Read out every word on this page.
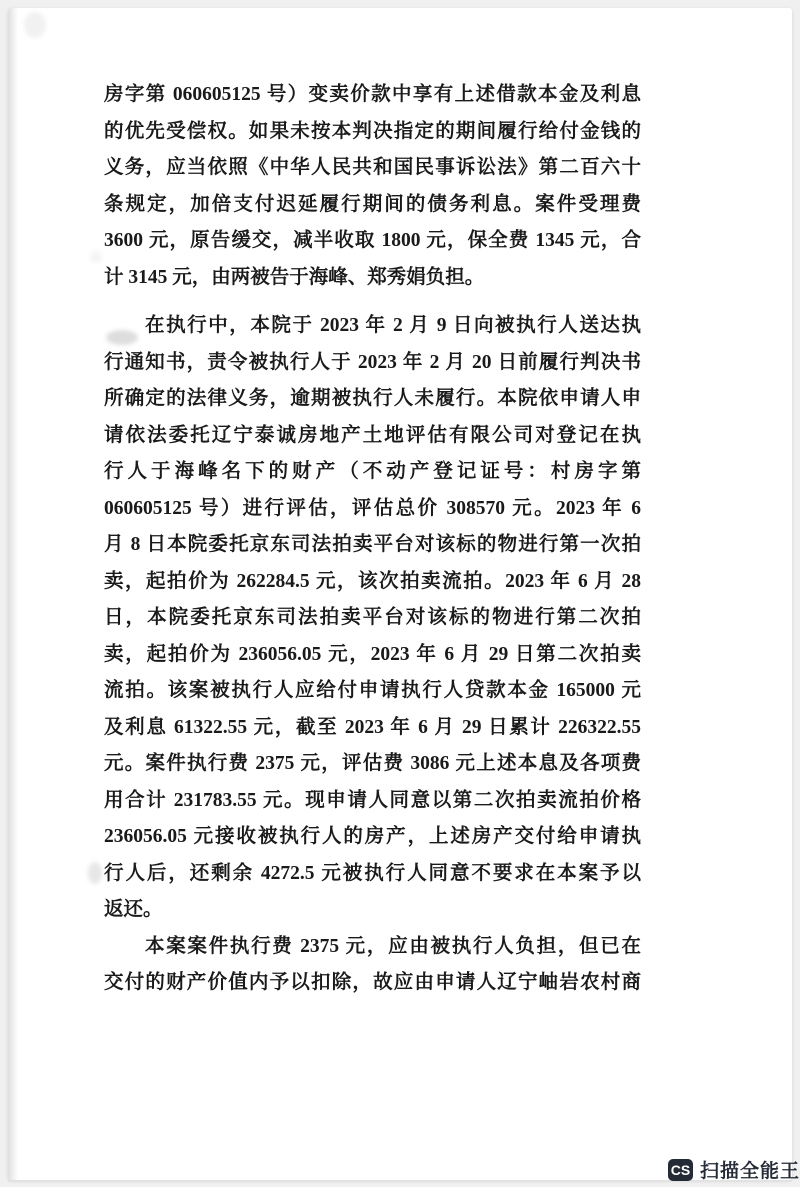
房字第 060605125 号）变卖价款中享有上述借款本金及利息
的优先受偿权。如果未按本判决指定的期间履行给付金钱的
义务，应当依照《中华人民共和国民事诉讼法》第二百六十
条规定，加倍支付迟延履行期间的债务利息。案件受理费
3600 元，原告缓交，减半收取 1800 元，保全费 1345 元，合
计 3145 元，由两被告于海峰、郑秀娟负担。
在执行中，本院于 2023 年 2 月 9 日向被执行人送达执
行通知书，责令被执行人于 2023 年 2 月 20 日前履行判决书
所确定的法律义务，逾期被执行人未履行。本院依申请人申
请依法委托辽宁泰诚房地产土地评估有限公司对登记在执
行人于海峰名下的财产（不动产登记证号：村房字第
060605125 号）进行评估，评估总价 308570 元。2023 年 6
月 8 日本院委托京东司法拍卖平台对该标的物进行第一次拍
卖，起拍价为 262284.5 元，该次拍卖流拍。2023 年 6 月 28
日，本院委托京东司法拍卖平台对该标的物进行第二次拍
卖，起拍价为 236056.05 元，2023 年 6 月 29 日第二次拍卖
流拍。该案被执行人应给付申请执行人贷款本金 165000 元
及利息 61322.55 元，截至 2023 年 6 月 29 日累计 226322.55
元。案件执行费 2375 元，评估费 3086 元上述本息及各项费
用合计 231783.55 元。现申请人同意以第二次拍卖流拍价格
236056.05 元接收被执行人的房产，上述房产交付给申请执
行人后，还剩余 4272.5 元被执行人同意不要求在本案予以
返还。
本案案件执行费 2375 元，应由被执行人负担，但已在
交付的财产价值内予以扣除，故应由申请人辽宁岫岩农村商
CS 扫描全能王
